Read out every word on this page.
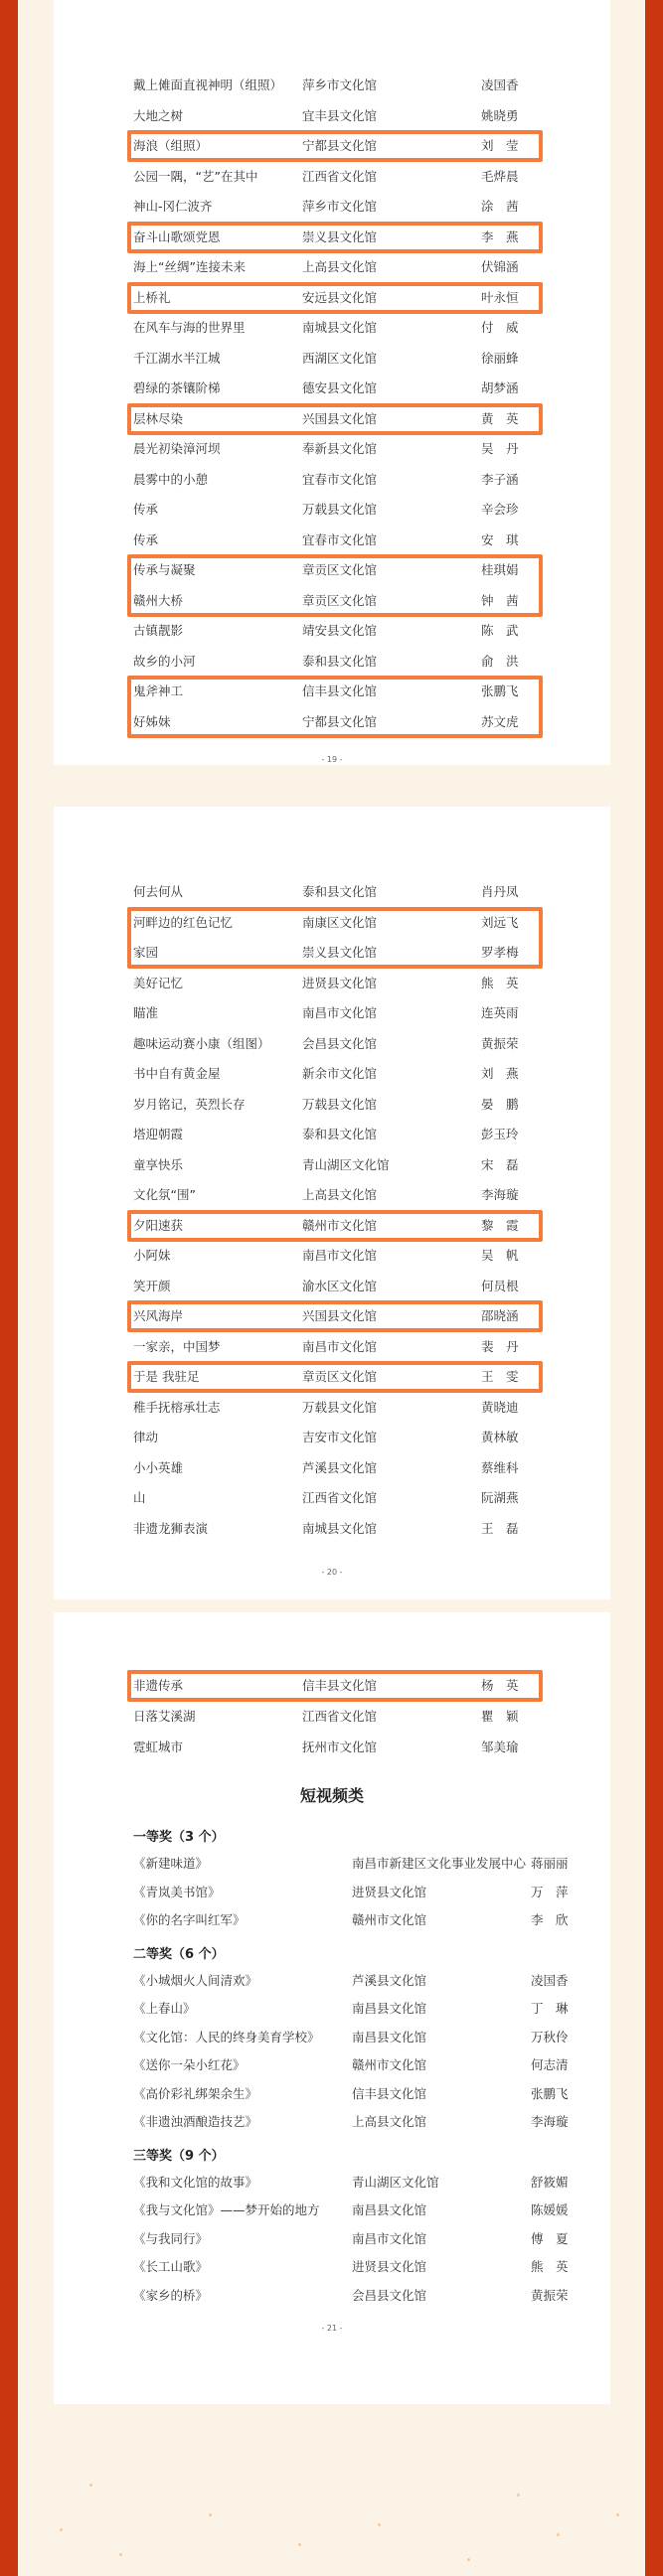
戴上傩面直视神明（组照） 萍乡市文化馆	凌国香
大地之树	宜丰县文化馆	姚晓勇
海浪（组照）	宁都县文化馆	刘　莹
公园一隅，“艺”在其中	江西省文化馆	毛烨晨
神山-冈仁波齐	萍乡市文化馆	涂　茜
奋斗山歌颂党恩	崇义县文化馆	李　燕
海上“丝绸”连接未来	上高县文化馆	伏锦涵
上桥礼	安远县文化馆	叶永恒
在风车与海的世界里	南城县文化馆	付　威
千江湖水半江城	西湖区文化馆	徐丽蜂
碧绿的茶镶阶梯	德安县文化馆	胡梦涵
层林尽染	兴国县文化馆	黄　英
晨光初染漳河坝	奉新县文化馆	吴　丹
晨雾中的小憩	宜春市文化馆	李子涵
传承	万载县文化馆	辛会珍
传承	宜春市文化馆	安　琪
传承与凝聚	章贡区文化馆	桂琪娟
赣州大桥	章贡区文化馆	钟　茜
古镇靓影	靖安县文化馆	陈　武
故乡的小河	泰和县文化馆	俞　洪
鬼斧神工	信丰县文化馆	张鹏飞
好姊妹	宁都县文化馆	苏文虎
- 19 -
何去何从	泰和县文化馆	肖丹凤
河畔边的红色记忆	南康区文化馆	刘远飞
家园	崇义县文化馆	罗孝梅
美好记忆	进贤县文化馆	熊　英
瞄准	南昌市文化馆	连英雨
趣味运动赛小康（组图）	会昌县文化馆	黄振荣
书中自有黄金屋	新余市文化馆	刘　燕
岁月铭记，英烈长存	万载县文化馆	晏　鹏
塔迎朝霞	泰和县文化馆	彭玉玲
童享快乐	青山湖区文化馆	宋　磊
文化氛“围”	上高县文化馆	李海璇
夕阳速获	赣州市文化馆	黎　霞
小阿妹	南昌市文化馆	吴　帆
笑开颜	渝水区文化馆	何员根
兴风海岸	兴国县文化馆	邵晓涵
一家亲，中国梦	南昌市文化馆	裴　丹
于是 我驻足	章贡区文化馆	王　雯
稚手抚榕承壮志	万载县文化馆	黄晓迪
律动	吉安市文化馆	黄林敏
小小英雄	芦溪县文化馆	蔡维科
山	江西省文化馆	阮湖燕
非遗龙狮表演	南城县文化馆	王　磊
- 20 -
非遗传承	信丰县文化馆	杨　英
日落艾溪湖	江西省文化馆	瞿　颖
霓虹城市	抚州市文化馆	邹美瑜
短视频类
一等奖（3 个）
《新建味道》	南昌市新建区文化事业发展中心 蒋丽丽
《青岚美书馆》	进贤县文化馆	万　萍
《你的名字叫红军》	赣州市文化馆	李　欣
二等奖（6 个）
《小城烟火人间清欢》	芦溪县文化馆	凌国香
《上春山》	南昌县文化馆	丁　琳
《文化馆：人民的终身美育学校》	南昌县文化馆	万秋伶
《送你一朵小红花》	赣州市文化馆	何志清
《高价彩礼绑架余生》	信丰县文化馆	张鹏飞
《非遗浊酒酿造技艺》	上高县文化馆	李海璇
三等奖（9 个）
《我和文化馆的故事》	青山湖区文化馆	舒筱媚
《我与文化馆》——梦开始的地方	南昌县文化馆	陈媛媛
《与我同行》	南昌市文化馆	傅　夏
《长工山歌》	进贤县文化馆	熊　英
《家乡的桥》	会昌县文化馆	黄振荣
- 21 -
